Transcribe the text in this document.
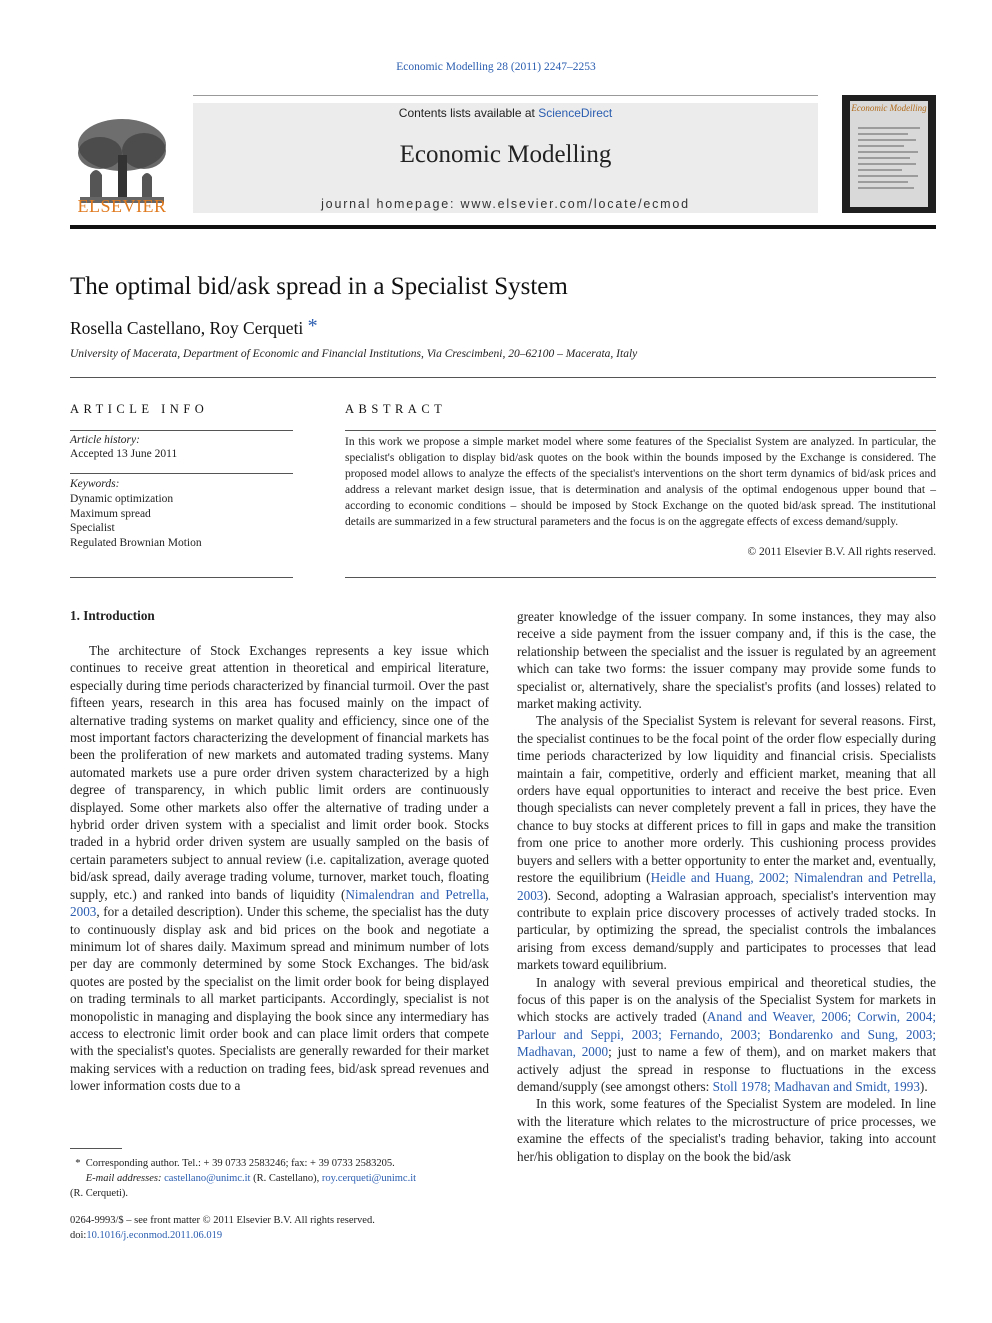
Economic Modelling 28 (2011) 2247–2253
ELSEVIER
Contents lists available at ScienceDirect
Economic Modelling
journal homepage: www.elsevier.com/locate/ecmod
Economic Modelling
The optimal bid/ask spread in a Specialist System
Rosella Castellano, Roy Cerqueti *
University of Macerata, Department of Economic and Financial Institutions, Via Crescimbeni, 20–62100 – Macerata, Italy
ARTICLE INFO
Article history:
Accepted 13 June 2011
Keywords:
Dynamic optimization
Maximum spread
Specialist
Regulated Brownian Motion
ABSTRACT

In this work we propose a simple market model where some features of the Specialist System are analyzed. In particular, the specialist's obligation to display bid/ask quotes on the book within the bounds imposed by the Exchange is considered. The proposed model allows to analyze the effects of the specialist's interventions on the short term dynamics of bid/ask prices and address a relevant market design issue, that is determination and analysis of the optimal endogenous upper bound that – according to economic conditions – should be imposed by Stock Exchange on the quoted bid/ask spread. The institutional details are summarized in a few structural parameters and the focus is on the aggregate effects of excess demand/supply.

© 2011 Elsevier B.V. All rights reserved.
1. Introduction

The architecture of Stock Exchanges represents a key issue which continues to receive great attention in theoretical and empirical literature, especially during time periods characterized by financial turmoil. Over the past fifteen years, research in this area has focused mainly on the impact of alternative trading systems on market quality and efficiency, since one of the most important factors characterizing the development of financial markets has been the proliferation of new markets and automated trading systems. Many automated markets use a pure order driven system characterized by a high degree of transparency, in which public limit orders are continuously displayed. Some other markets also offer the alternative of trading under a hybrid order driven system with a specialist and limit order book. Stocks traded in a hybrid order driven system are usually sampled on the basis of certain parameters subject to annual review (i.e. capitalization, average quoted bid/ask spread, daily average trading volume, turnover, market touch, floating supply, etc.) and ranked into bands of liquidity (Nimalendran and Petrella, 2003, for a detailed description). Under this scheme, the specialist has the duty to continuously display ask and bid prices on the book and negotiate a minimum lot of shares daily. Maximum spread and minimum number of lots per day are commonly determined by some Stock Exchanges. The bid/ask quotes are posted by the specialist on the limit order book for being displayed on trading terminals to all market participants. Accordingly, specialist is not monopolistic in managing and displaying the book since any intermediary has access to electronic limit order book and can place limit orders that compete with the specialist's quotes. Specialists are generally rewarded for their market making services with a reduction on trading fees, bid/ask spread revenues and lower information costs due to a

greater knowledge of the issuer company. In some instances, they may also receive a side payment from the issuer company and, if this is the case, the relationship between the specialist and the issuer is regulated by an agreement which can take two forms: the issuer company may provide some funds to specialist or, alternatively, share the specialist's profits (and losses) related to market making activity.

The analysis of the Specialist System is relevant for several reasons. First, the specialist continues to be the focal point of the order flow especially during time periods characterized by low liquidity and financial crisis. Specialists maintain a fair, competitive, orderly and efficient market, meaning that all orders have equal opportunities to interact and receive the best price. Even though specialists can never completely prevent a fall in prices, they have the chance to buy stocks at different prices to fill in gaps and make the transition from one price to another more orderly. This cushioning process provides buyers and sellers with a better opportunity to enter the market and, eventually, restore the equilibrium (Heidle and Huang, 2002; Nimalendran and Petrella, 2003). Second, adopting a Walrasian approach, specialist's intervention may contribute to explain price discovery processes of actively traded stocks. In particular, by optimizing the spread, the specialist controls the imbalances arising from excess demand/supply and participates to processes that lead markets toward equilibrium.

In analogy with several previous empirical and theoretical studies, the focus of this paper is on the analysis of the Specialist System for markets in which stocks are actively traded (Anand and Weaver, 2006; Corwin, 2004; Parlour and Seppi, 2003; Fernando, 2003; Bondarenko and Sung, 2003; Madhavan, 2000; just to name a few of them), and on market makers that actively adjust the spread in response to fluctuations in the excess demand/supply (see amongst others: Stoll 1978; Madhavan and Smidt, 1993).

In this work, some features of the Specialist System are modeled. In line with the literature which relates to the microstructure of price processes, we examine the effects of the specialist's trading behavior, taking into account her/his obligation to display on the book the bid/ask

* Corresponding author. Tel.: + 39 0733 2583246; fax: + 39 0733 2583205.
E-mail addresses: castellano@unimc.it (R. Castellano), roy.cerqueti@unimc.it
(R. Cerqueti).
0264-9993/$ – see front matter © 2011 Elsevier B.V. All rights reserved.
doi:10.1016/j.econmod.2011.06.019
